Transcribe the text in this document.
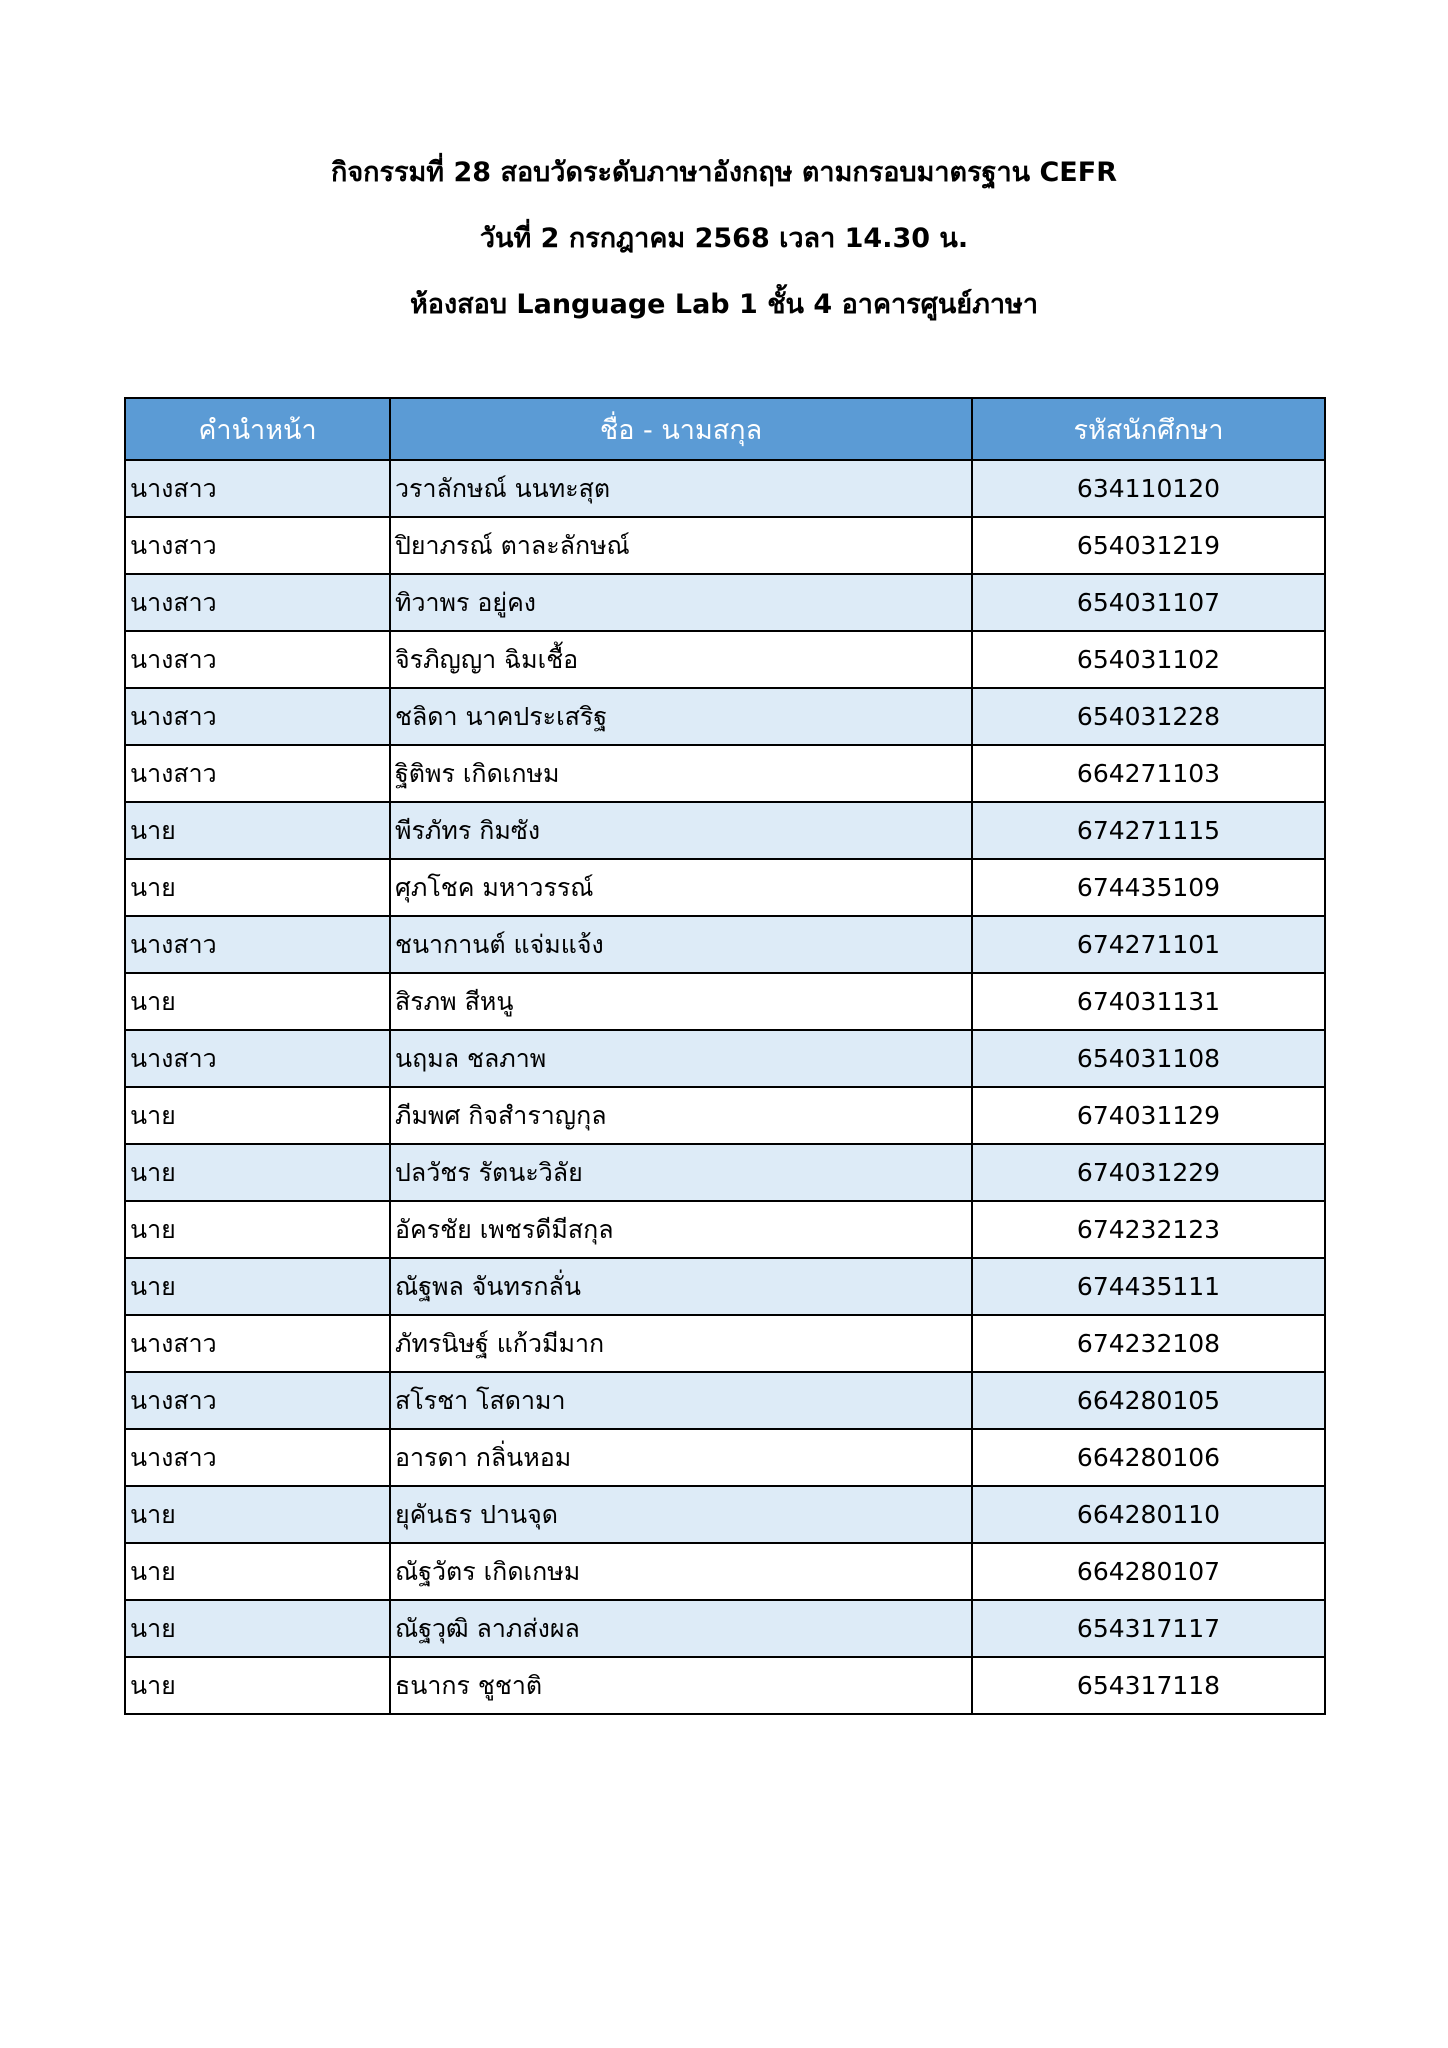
กิจกรรมที่ 28 สอบวัดระดับภาษาอังกฤษ ตามกรอบมาตรฐาน CEFR
วันที่ 2 กรกฎาคม 2568 เวลา 14.30 น.
ห้องสอบ Language Lab 1 ชั้น 4 อาคารศูนย์ภาษา
คำนำหน้า	ชื่อ - นามสกุล	รหัสนักศึกษา
นางสาว	วราลักษณ์ นนทะสุต	634110120
นางสาว	ปิยาภรณ์ ตาละลักษณ์	654031219
นางสาว	ทิวาพร อยู่คง	654031107
นางสาว	จิรภิญญา ฉิมเชื้อ	654031102
นางสาว	ชลิดา นาคประเสริฐ	654031228
นางสาว	ฐิติพร เกิดเกษม	664271103
นาย	พีรภัทร กิมซัง	674271115
นาย	ศุภโชค มหาวรรณ์	674435109
นางสาว	ชนากานต์ แจ่มแจ้ง	674271101
นาย	สิรภพ สีหนู	674031131
นางสาว	นฤมล ชลภาพ	654031108
นาย	ภีมพศ กิจสำราญกุล	674031129
นาย	ปลวัชร รัตนะวิลัย	674031229
นาย	อัครชัย เพชรดีมีสกุล	674232123
นาย	ณัฐพล จันทรกลั่น	674435111
นางสาว	ภัทรนิษฐ์ แก้วมีมาก	674232108
นางสาว	สโรชา โสดามา	664280105
นางสาว	อารดา กลิ่นหอม	664280106
นาย	ยุคันธร ปานจุด	664280110
นาย	ณัฐวัตร เกิดเกษม	664280107
นาย	ณัฐวุฒิ ลาภส่งผล	654317117
นาย	ธนากร ชูชาติ	654317118
